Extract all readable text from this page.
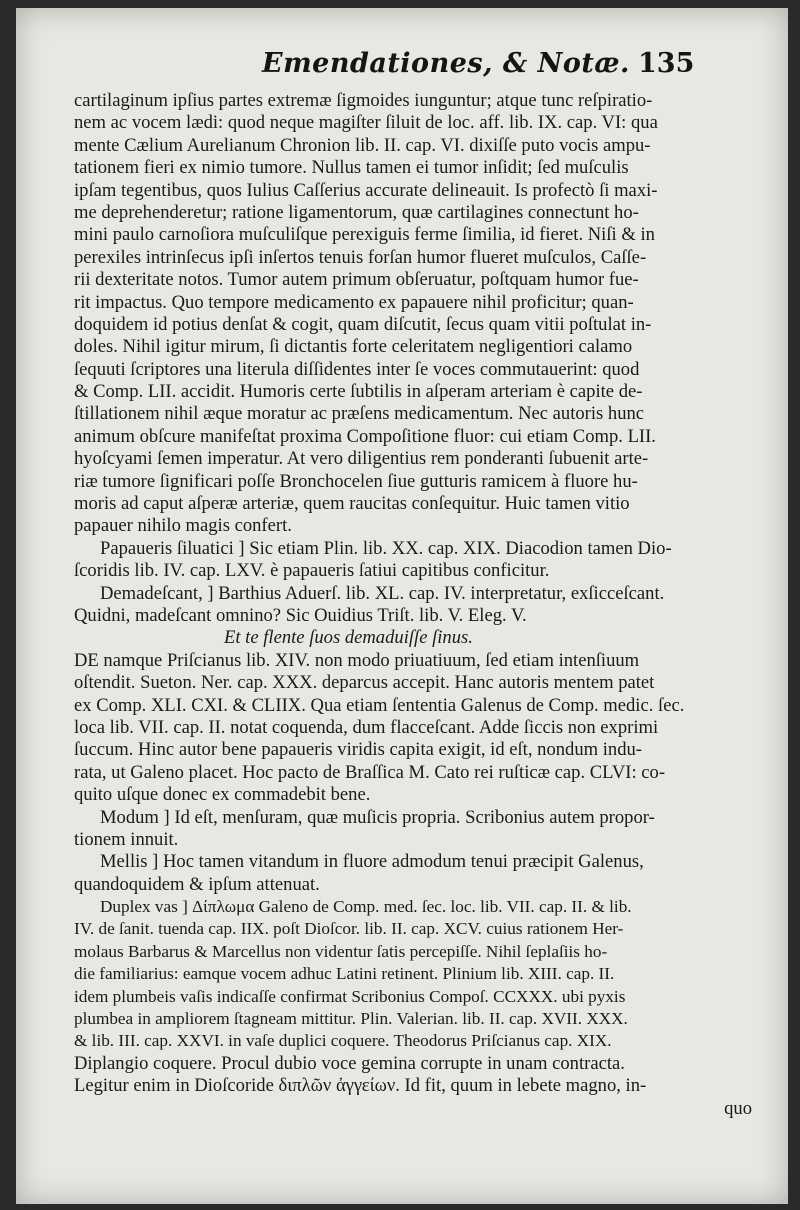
Emendationes, & Notæ. 135
cartilaginum ipſius partes extremæ ſigmoides iunguntur; atque tunc reſpiratio-
nem ac vocem lædi: quod neque magiſter ſiluit de loc. aff. lib. IX. cap. VI: qua
mente Cælium Aurelianum Chronion lib. II. cap. VI. dixiſſe puto vocis ampu-
tationem fieri ex nimio tumore. Nullus tamen ei tumor inſidit; ſed muſculis
ipſam tegentibus, quos Iulius Caſſerius accurate delineauit. Is profectò ſi maxi-
me deprehenderetur; ratione ligamentorum, quæ cartilagines connectunt ho-
mini paulo carnoſiora muſculiſque perexiguis ferme ſimilia, id fieret. Niſi & in
perexiles intrinſecus ipſi inſertos tenuis forſan humor flueret muſculos, Caſſe-
rii dexteritate notos. Tumor autem primum obſeruatur, poſtquam humor fue-
rit impactus. Quo tempore medicamento ex papauere nihil proficitur; quan-
doquidem id potius denſat & cogit, quam diſcutit, ſecus quam vitii poſtulat in-
doles. Nihil igitur mirum, ſi dictantis forte celeritatem negligentiori calamo
ſequuti ſcriptores una literula diſſidentes inter ſe voces commutauerint: quod
& Comp. LII. accidit. Humoris certe ſubtilis in aſperam arteriam è capite de-
ſtillationem nihil æque moratur ac præſens medicamentum. Nec autoris hunc
animum obſcure manifeſtat proxima Compoſitione fluor: cui etiam Comp. LII.
hyoſcyami ſemen imperatur. At vero diligentius rem ponderanti ſubuenit arte-
riæ tumore ſignificari poſſe Bronchocelen ſiue gutturis ramicem à fluore hu-
moris ad caput aſperæ arteriæ, quem raucitas conſequitur. Huic tamen vitio
papauer nihilo magis confert.
Papaueris ſiluatici ] Sic etiam Plin. lib. XX. cap. XIX. Diacodion tamen Dio-
ſcoridis lib. IV. cap. LXV. è papaueris ſatiui capitibus conficitur.
Demadeſcant, ] Barthius Aduerſ. lib. XL. cap. IV. interpretatur, exſicceſcant.
Quidni, madeſcant omnino? Sic Ouidius Triſt. lib. V. Eleg. V.
Et te flente ſuos demaduiſſe ſinus.
DE namque Priſcianus lib. XIV. non modo priuatiuum, ſed etiam intenſiuum
oſtendit. Sueton. Ner. cap. XXX. deparcus accepit. Hanc autoris mentem patet
ex Comp. XLI. CXI. & CLIIX. Qua etiam ſententia Galenus de Comp. medic. ſec.
loca lib. VII. cap. II. notat coquenda, dum flacceſcant. Adde ſiccis non exprimi
ſuccum. Hinc autor bene papaueris viridis capita exigit, id eſt, nondum indu-
rata, ut Galeno placet. Hoc pacto de Braſſica M. Cato rei ruſticæ cap. CLVI: co-
quito uſque donec ex commadebit bene.
Modum ] Id eſt, menſuram, quæ muſicis propria. Scribonius autem propor-
tionem innuit.
Mellis ] Hoc tamen vitandum in fluore admodum tenui præcipit Galenus,
quandoquidem & ipſum attenuat.
Duplex vas ] Δίπλωμα Galeno de Comp. med. ſec. loc. lib. VII. cap. II. & lib.
IV. de ſanit. tuenda cap. IIX. poſt Dioſcor. lib. II. cap. XCV. cuius rationem Her-
molaus Barbarus & Marcellus non videntur ſatis percepiſſe. Nihil ſeplaſiis ho-
die familiarius: eamque vocem adhuc Latini retinent. Plinium lib. XIII. cap. II.
idem plumbeis vaſis indicaſſe confirmat Scribonius Compoſ. CCXXX. ubi pyxis
plumbea in ampliorem ſtagneam mittitur. Plin. Valerian. lib. II. cap. XVII. XXX.
& lib. III. cap. XXVI. in vaſe duplici coquere. Theodorus Priſcianus cap. XIX.
Diplangio coquere. Procul dubio voce gemina corrupte in unam contracta.
Legitur enim in Dioſcoride διπλῶν ἀγγείων. Id fit, quum in lebete magno, in-
quo
